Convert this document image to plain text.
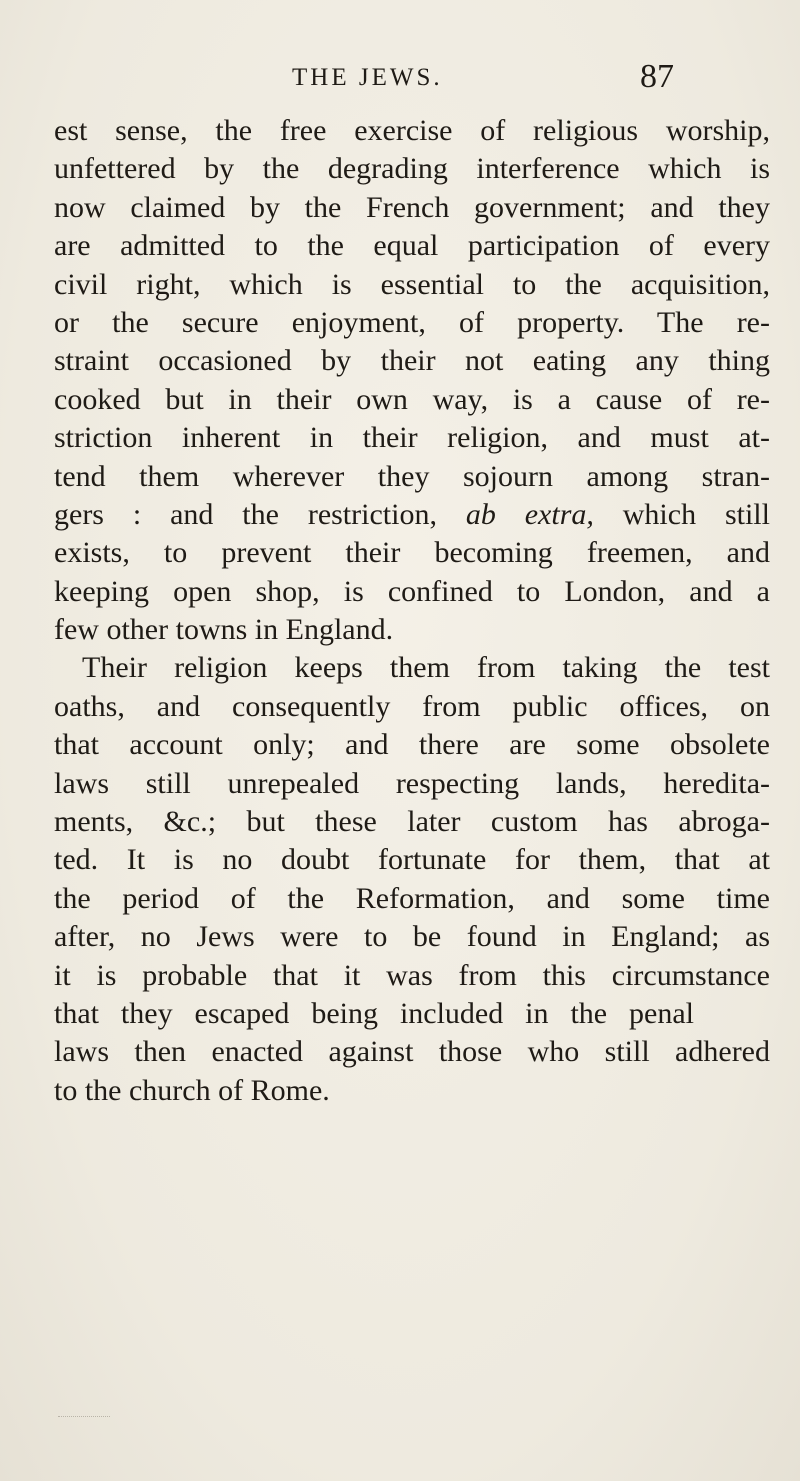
THE JEWS.	87
est sense, the free exercise of religious worship,
unfettered by the degrading interference which is
now claimed by the French government; and they
are admitted to the equal participation of every
civil right, which is essential to the acquisition,
or the secure enjoyment, of property. The re-
straint occasioned by their not eating any thing
cooked but in their own way, is a cause of re-
striction inherent in their religion, and must at-
tend them wherever they sojourn among stran-
gers : and the restriction, ab extra, which still
exists, to prevent their becoming freemen, and
keeping open shop, is confined to London, and a
few other towns in England.
Their religion keeps them from taking the test
oaths, and consequently from public offices, on
that account only; and there are some obsolete
laws still unrepealed respecting lands, heredita-
ments, &c.; but these later custom has abroga-
ted. It is no doubt fortunate for them, that at
the period of the Reformation, and some time
after, no Jews were to be found in England; as
it is probable that it was from this circumstance
that they escaped being included in the penal
laws then enacted against those who still adhered
to the church of Rome.
